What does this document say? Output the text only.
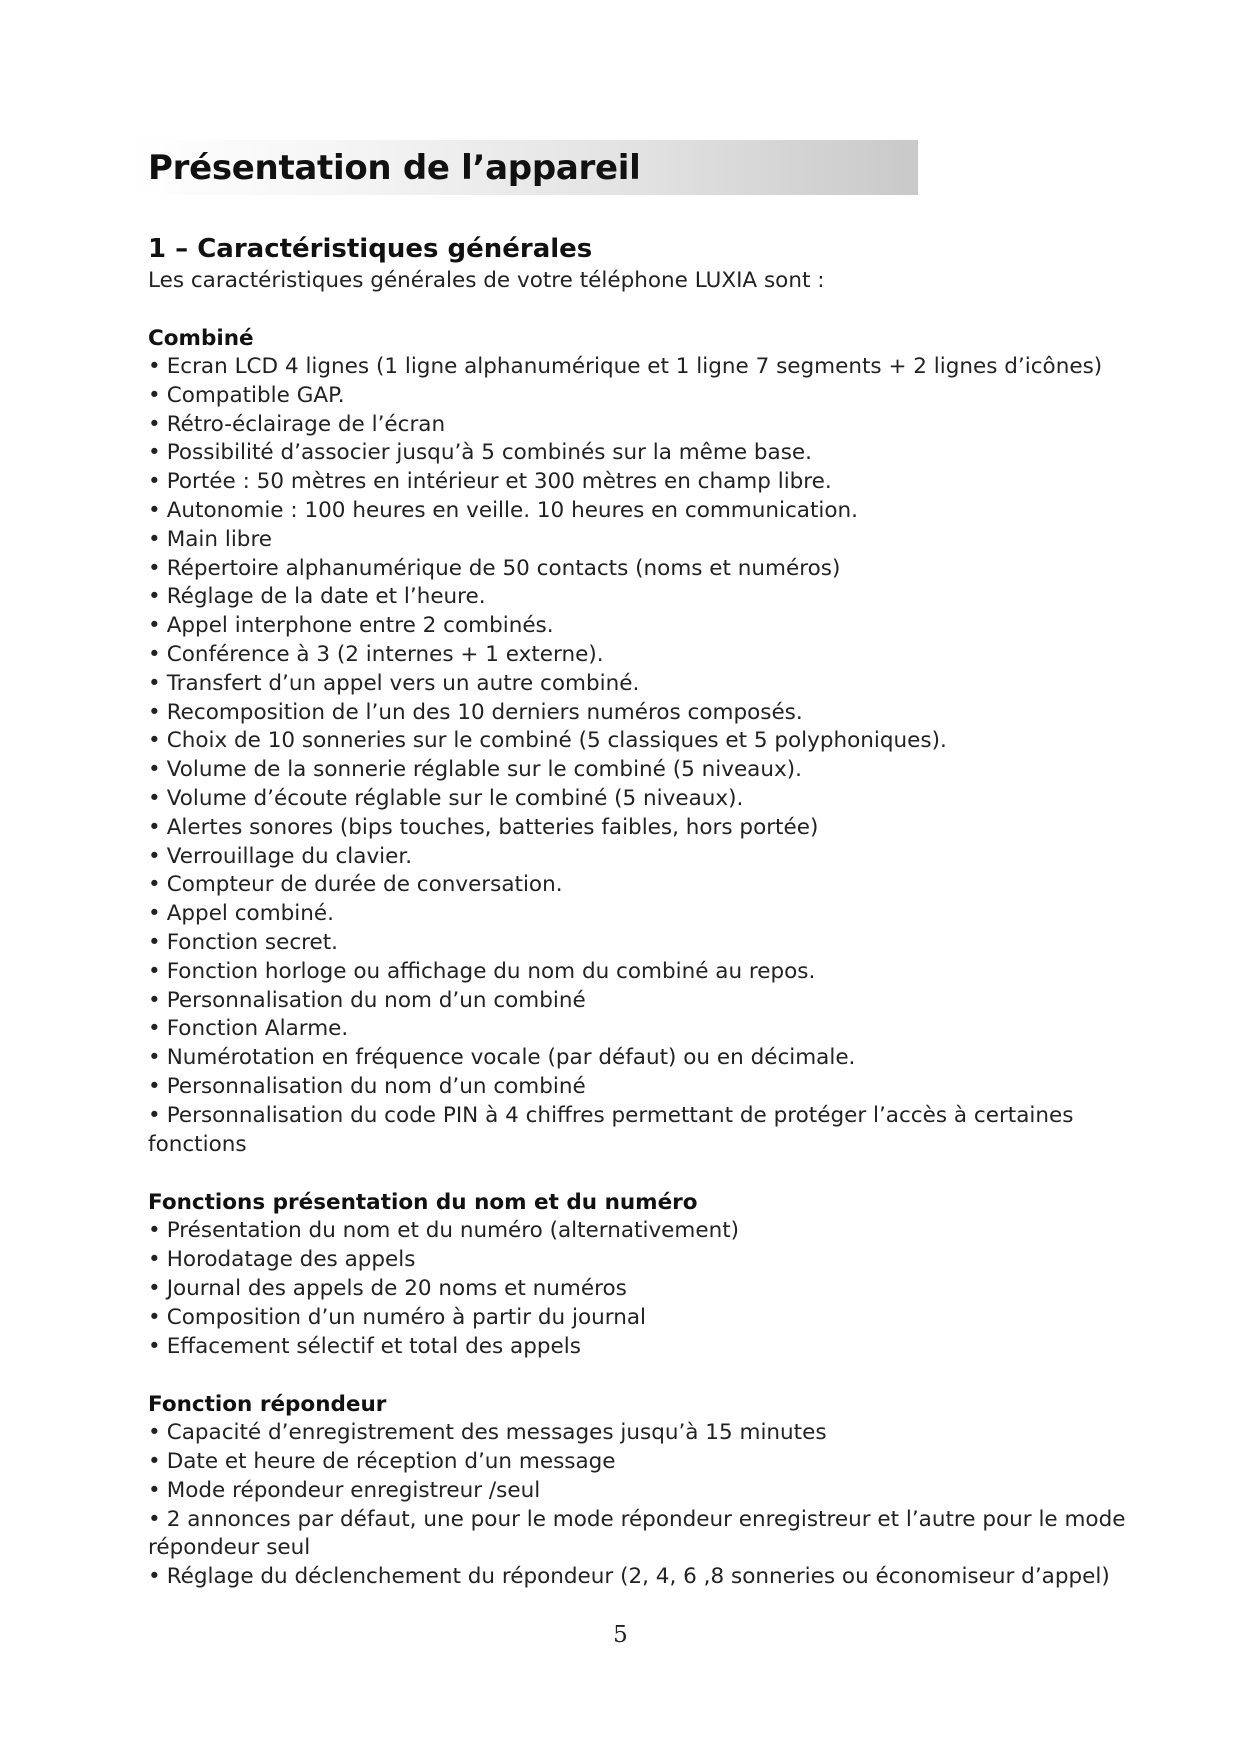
Présentation de l’appareil
1 – Caractéristiques générales

Les caractéristiques générales de votre téléphone LUXIA sont :

Combiné
• Ecran LCD 4 lignes (1 ligne alphanumérique et 1 ligne 7 segments + 2 lignes d’icônes)
• Compatible GAP.
• Rétro-éclairage de l’écran
• Possibilité d’associer jusqu’à 5 combinés sur la même base.
• Portée : 50 mètres en intérieur et 300 mètres en champ libre.
• Autonomie : 100 heures en veille. 10 heures en communication.
• Main libre
• Répertoire alphanumérique de 50 contacts (noms et numéros)
• Réglage de la date et l’heure.
• Appel interphone entre 2 combinés.
• Conférence à 3 (2 internes + 1 externe).
• Transfert d’un appel vers un autre combiné.
• Recomposition de l’un des 10 derniers numéros composés.
• Choix de 10 sonneries sur le combiné (5 classiques et 5 polyphoniques).
• Volume de la sonnerie réglable sur le combiné (5 niveaux).
• Volume d’écoute réglable sur le combiné (5 niveaux).
• Alertes sonores (bips touches, batteries faibles, hors portée)
• Verrouillage du clavier.
• Compteur de durée de conversation.
• Appel combiné.
• Fonction secret.
• Fonction horloge ou affichage du nom du combiné au repos.
• Personnalisation du nom d’un combiné
• Fonction Alarme.
• Numérotation en fréquence vocale (par défaut) ou en décimale.
• Personnalisation du nom d’un combiné
• Personnalisation du code PIN à 4 chiffres permettant de protéger l’accès à certaines fonctions
Fonctions présentation du nom et du numéro
• Présentation du nom et du numéro (alternativement)
• Horodatage des appels
• Journal des appels de 20 noms et numéros
• Composition d’un numéro à partir du journal
• Effacement sélectif et total des appels
Fonction répondeur
• Capacité d’enregistrement des messages jusqu’à 15 minutes
• Date et heure de réception d’un message
• Mode répondeur enregistreur /seul
• 2 annonces par défaut, une pour le mode répondeur enregistreur et l’autre pour le mode répondeur seul
• Réglage du déclenchement du répondeur (2, 4, 6 ,8 sonneries ou économiseur d’appel)
5
